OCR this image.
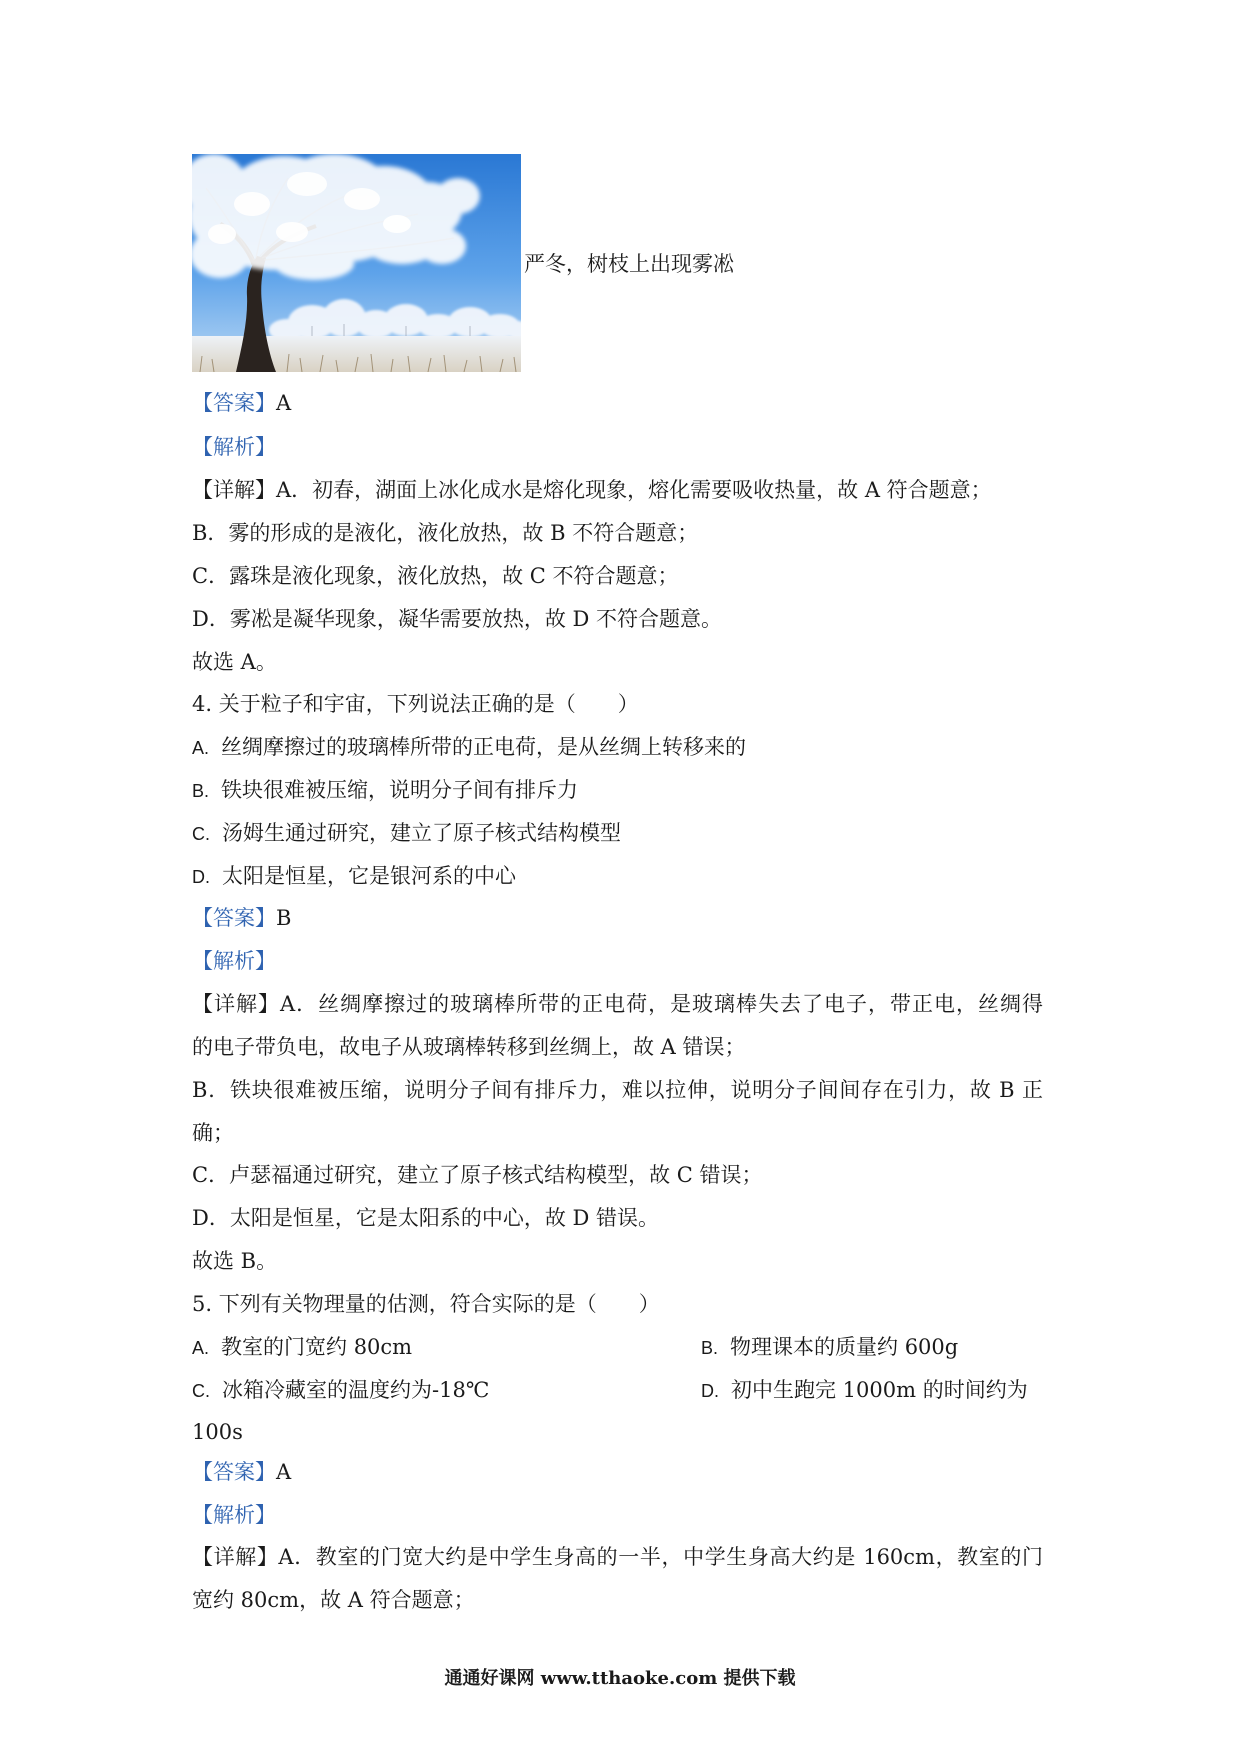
严冬，树枝上出现雾凇
【答案】A
【解析】
【详解】A．初春，湖面上冰化成水是熔化现象，熔化需要吸收热量，故 A 符合题意；
B．雾的形成的是液化，液化放热，故 B 不符合题意；
C．露珠是液化现象，液化放热，故 C 不符合题意；
D．雾凇是凝华现象，凝华需要放热，故 D 不符合题意。
故选 A。
4. 关于粒子和宇宙，下列说法正确的是（　　）
A. 丝绸摩擦过的玻璃棒所带的正电荷，是从丝绸上转移来的
B. 铁块很难被压缩，说明分子间有排斥力
C. 汤姆生通过研究，建立了原子核式结构模型
D. 太阳是恒星，它是银河系的中心
【答案】B
【解析】
【详解】A．丝绸摩擦过的玻璃棒所带的正电荷，是玻璃棒失去了电子，带正电，丝绸得
的电子带负电，故电子从玻璃棒转移到丝绸上，故 A 错误；
B．铁块很难被压缩，说明分子间有排斥力，难以拉伸，说明分子间间存在引力，故 B 正
确；
C．卢瑟福通过研究，建立了原子核式结构模型，故 C 错误；
D．太阳是恒星，它是太阳系的中心，故 D 错误。
故选 B。
5. 下列有关物理量的估测，符合实际的是（　　）
A. 教室的门宽约 80cm	B. 物理课本的质量约 600g
C. 冰箱冷藏室的温度约为-18℃	D. 初中生跑完 1000m 的时间约为
100s
【答案】A
【解析】
【详解】A．教室的门宽大约是中学生身高的一半，中学生身高大约是 160cm，教室的门
宽约 80cm，故 A 符合题意；
通通好课网 www.tthaoke.com 提供下载
